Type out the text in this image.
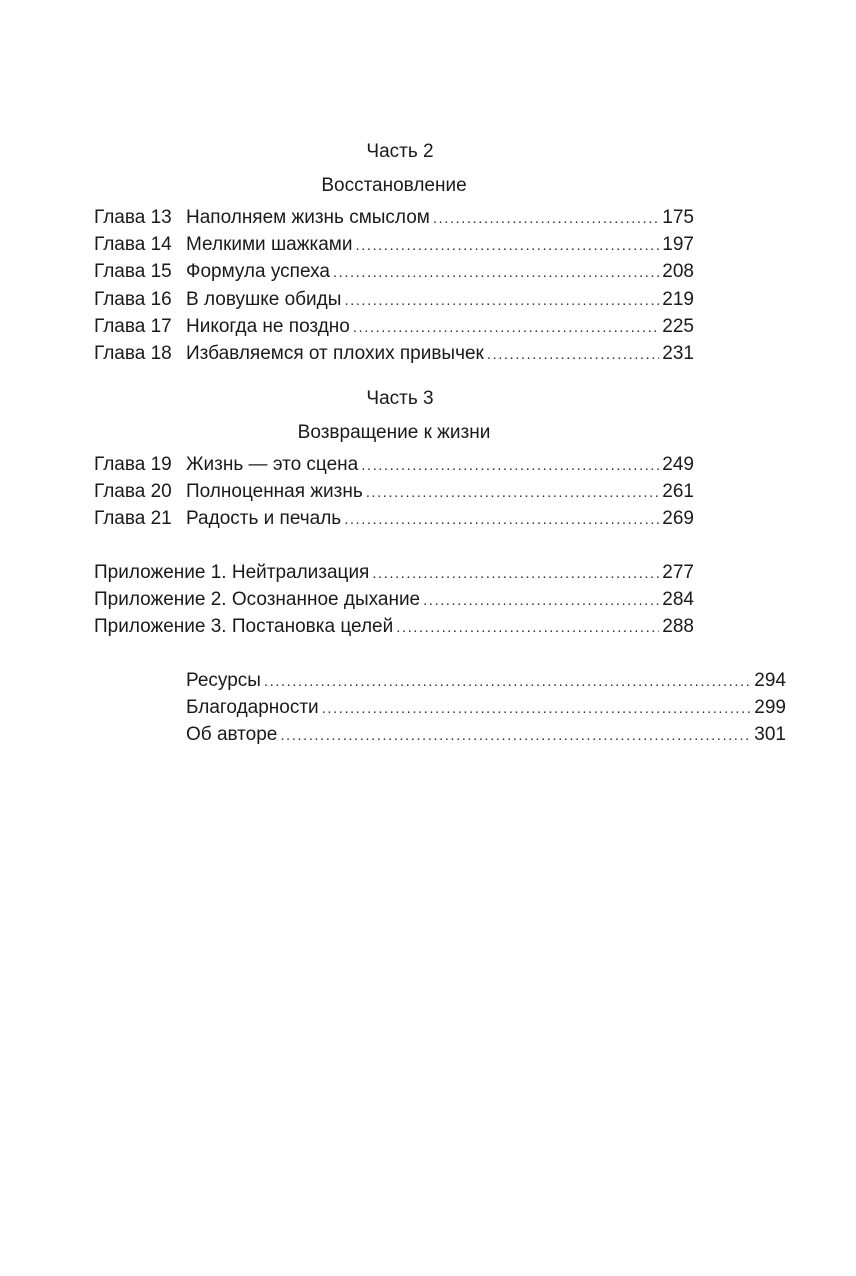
Часть 2

Восстановление

Глава 13 Наполняем жизнь смыслом .....	175
Глава 14 Мелкими шажками .....	197
Глава 15 Формула успеха .....	208
Глава 16 В ловушке обиды .....	219
Глава 17 Никогда не поздно .....	225
Глава 18 Избавляемся от плохих привычек .....	231

Часть 3

Возвращение к жизни

Глава 19 Жизнь — это сцена .....	249
Глава 20 Полноценная жизнь .....	261
Глава 21 Радость и печаль .....	269
Приложение 1. Нейтрализация .....	277
Приложение 2. Осознанное дыхание .....	284
Приложение 3. Постановка целей .....	288
Ресурсы .....	294
Благодарности .....	299
Об авторе .....	301
